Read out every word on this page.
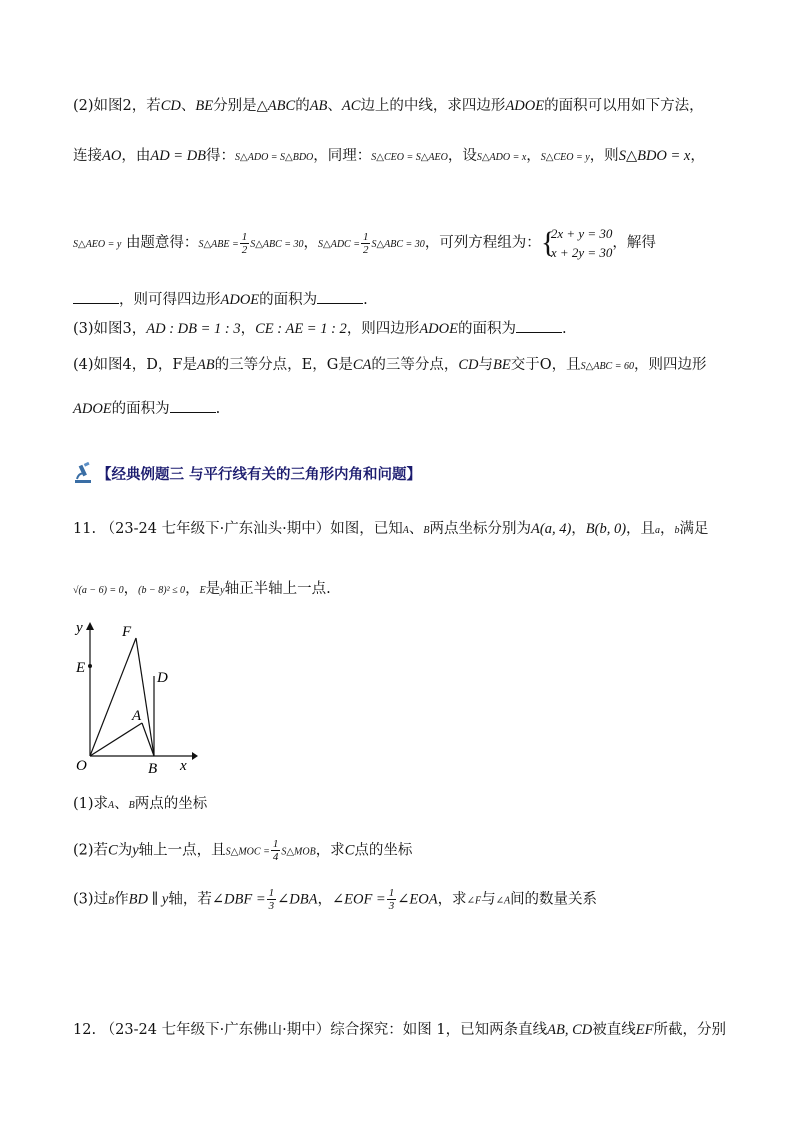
(2)如图2，若CD、BE分别是△ABC的AB、AC边上的中线，求四边形ADOE的面积可以用如下方法，
连接AO，由AD = DB得：S△ADO = S△BDO，同理：S△CEO = S△AEO，设S△ADO = x，S△CEO = y，则S△BDO = x，
S△AEO = y 由题意得：S△ABE = $\frac{1}{2}$ S△ABC = 30，S△ADC = $\frac{1}{2}$ S△ABC = 30，可列方程组为： {
2x + y = 30
x + 2y = 30
，解得
，则可得四边形ADOE的面积为	.
(3)如图3，AD : DB = 1 : 3，CE : AE = 1 : 2，则四边形ADOE的面积为	.
(4)如图4，D，F是AB的三等分点，E，G是CA的三等分点，CD与BE交于O，且S△ABC = 60，则四边形
ADOE的面积为	.
【经典例题三 与平行线有关的三角形内角和问题】
11. （23-24 七年级下·广东汕头·期中）如图，已知A、B两点坐标分别为A(a, 4)，B(b, 0)，且a，b满足
√(a − 6) = 0，(b − 8)² ≤ 0，E是y轴正半轴上一点.
y	F
E
D
A
O	B x
(1)求A、B两点的坐标
(2)若C为y轴上一点，且S△MOC = $\frac{1}{4}$ S△MOB，求C点的坐标
(3)过B作BD ∥ y轴，若∠DBF = $\frac{1}{3}$ ∠DBA，∠EOF = $\frac{1}{3}$ ∠EOA，求∠F与∠A间的数量关系
12. （23-24 七年级下·广东佛山·期中）综合探究：如图 1，已知两条直线AB, CD被直线EF所截，分别
